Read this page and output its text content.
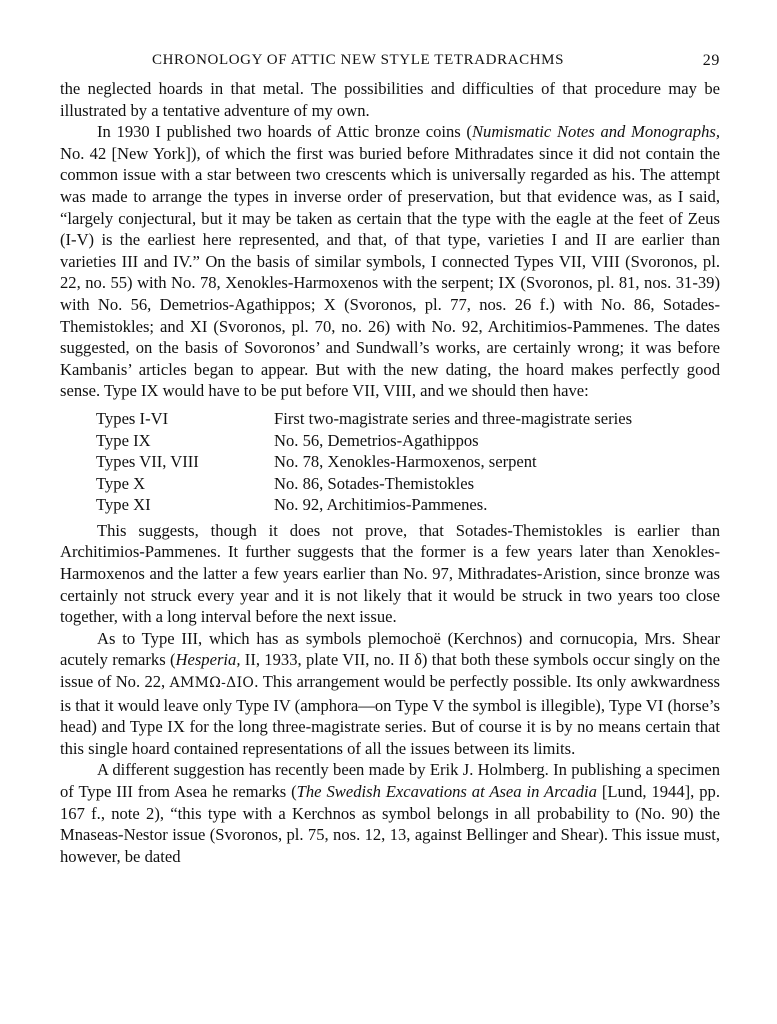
CHRONOLOGY OF ATTIC NEW STYLE TETRADRACHMS	29

the neglected hoards in that metal. The possibilities and difficulties of that procedure may be illustrated by a tentative adventure of my own.

In 1930 I published two hoards of Attic bronze coins (Numismatic Notes and Monographs, No. 42 [New York]), of which the first was buried before Mithradates since it did not contain the common issue with a star between two crescents which is universally regarded as his. The attempt was made to arrange the types in inverse order of preservation, but that evidence was, as I said, “largely conjectural, but it may be taken as certain that the type with the eagle at the feet of Zeus (I-V) is the earliest here represented, and that, of that type, varieties I and II are earlier than varieties III and IV.” On the basis of similar symbols, I connected Types VII, VIII (Svoronos, pl. 22, no. 55) with No. 78, Xenokles-Harmoxenos with the serpent; IX (Svoronos, pl. 81, nos. 31-39) with No. 56, Demetrios-Agathippos; X (Svoronos, pl. 77, nos. 26 f.) with No. 86, Sotades-Themistokles; and XI (Svoronos, pl. 70, no. 26) with No. 92, Architimios-Pammenes. The dates suggested, on the basis of Sovoronos’ and Sundwall’s works, are certainly wrong; it was before Kambanis’ articles began to appear. But with the new dating, the hoard makes perfectly good sense. Type IX would have to be put before VII, VIII, and we should then have:

Types I-VI	First two-magistrate series and three-magistrate series
Type IX	No. 56, Demetrios-Agathippos
Types VII, VIII	No. 78, Xenokles-Harmoxenos, serpent
Type X	No. 86, Sotades-Themistokles
Type XI	No. 92, Architimios-Pammenes.

This suggests, though it does not prove, that Sotades-Themistokles is earlier than Architimios-Pammenes. It further suggests that the former is a few years later than Xenokles-Harmoxenos and the latter a few years earlier than No. 97, Mithradates-Aristion, since bronze was certainly not struck every year and it is not likely that it would be struck in two years too close together, with a long interval before the next issue.

As to Type III, which has as symbols plemochoë (Kerchnos) and cornucopia, Mrs. Shear acutely remarks (Hesperia, II, 1933, plate VII, no. II δ) that both these symbols occur singly on the issue of No. 22, ΑΜΜΩ-ΔΙΟ. This arrangement would be perfectly possible. Its only awkwardness is that it would leave only Type IV (amphora—on Type V the symbol is illegible), Type VI (horse’s head) and Type IX for the long three-magistrate series. But of course it is by no means certain that this single hoard contained representations of all the issues between its limits.

A different suggestion has recently been made by Erik J. Holmberg. In publishing a specimen of Type III from Asea he remarks (The Swedish Excavations at Asea in Arcadia [Lund, 1944], pp. 167 f., note 2), “this type with a Kerchnos as symbol belongs in all probability to (No. 90) the Mnaseas-Nestor issue (Svoronos, pl. 75, nos. 12, 13, against Bellinger and Shear). This issue must, however, be dated
